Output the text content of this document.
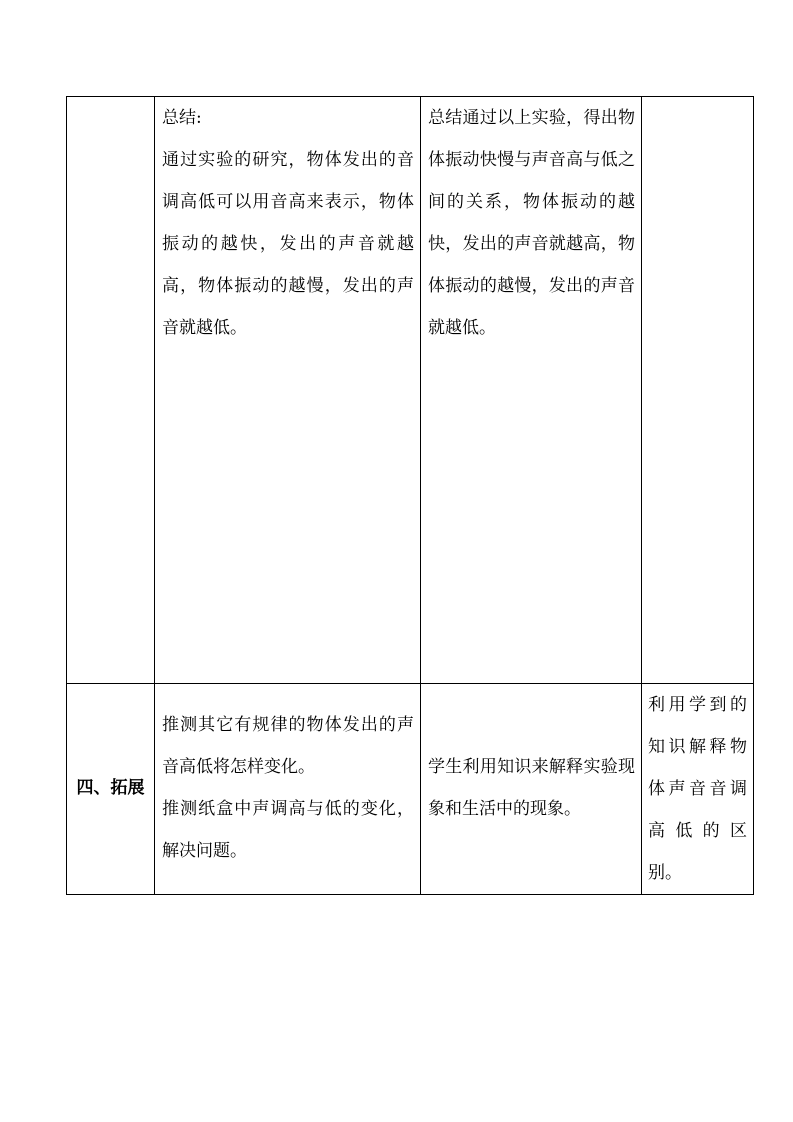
	总结:
通过实验的研究，物体发出的音调高低可以用音高来表示，物体振动的越快，发出的声音就越高，物体振动的越慢，发出的声音就越低。	总结通过以上实验，得出物体振动快慢与声音高与低之间的关系，物体振动的越快，发出的声音就越高，物体振动的越慢，发出的声音就越低。	

四、拓展	推测其它有规律的物体发出的声音高低将怎样变化。
推测纸盒中声调高与低的变化，解决问题。	学生利用知识来解释实验现象和生活中的现象。	利用学到的知识解释物体声音音调高低的区别。
